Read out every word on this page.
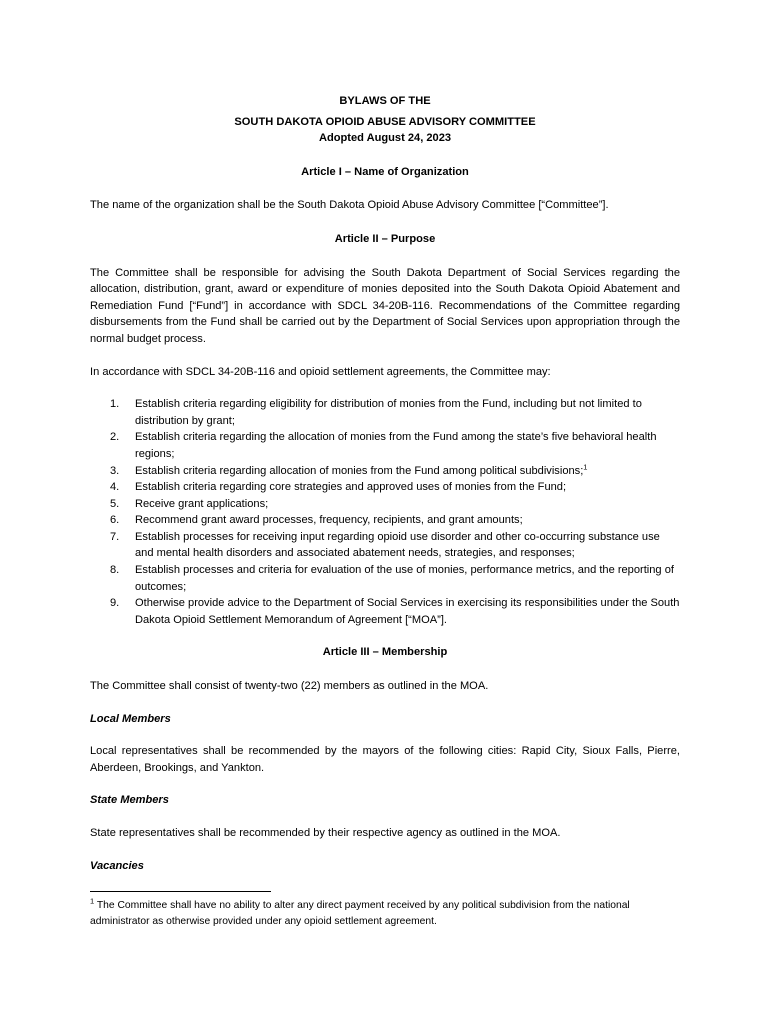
BYLAWS OF THE
SOUTH DAKOTA OPIOID ABUSE ADVISORY COMMITTEE
Adopted August 24, 2023

Article I – Name of Organization

The name of the organization shall be the South Dakota Opioid Abuse Advisory Committee [“Committee”].

Article II – Purpose

The Committee shall be responsible for advising the South Dakota Department of Social Services regarding the allocation, distribution, grant, award or expenditure of monies deposited into the South Dakota Opioid Abatement and Remediation Fund [“Fund”] in accordance with SDCL 34-20B-116. Recommendations of the Committee regarding disbursements from the Fund shall be carried out by the Department of Social Services upon appropriation through the normal budget process.

In accordance with SDCL 34-20B-116 and opioid settlement agreements, the Committee may:

1. Establish criteria regarding eligibility for distribution of monies from the Fund, including but not limited to distribution by grant;
2. Establish criteria regarding the allocation of monies from the Fund among the state’s five behavioral health regions;
3. Establish criteria regarding allocation of monies from the Fund among political subdivisions;$^1$
4. Establish criteria regarding core strategies and approved uses of monies from the Fund;
5. Receive grant applications;
6. Recommend grant award processes, frequency, recipients, and grant amounts;
7. Establish processes for receiving input regarding opioid use disorder and other co-occurring substance use and mental health disorders and associated abatement needs, strategies, and responses;
8. Establish processes and criteria for evaluation of the use of monies, performance metrics, and the reporting of outcomes;
9. Otherwise provide advice to the Department of Social Services in exercising its responsibilities under the South Dakota Opioid Settlement Memorandum of Agreement [“MOA”].

Article III – Membership

The Committee shall consist of twenty-two (22) members as outlined in the MOA.

Local Members

Local representatives shall be recommended by the mayors of the following cities: Rapid City, Sioux Falls, Pierre, Aberdeen, Brookings, and Yankton.

State Members

State representatives shall be recommended by their respective agency as outlined in the MOA.

Vacancies

$^1$ The Committee shall have no ability to alter any direct payment received by any political subdivision from the national administrator as otherwise provided under any opioid settlement agreement.
